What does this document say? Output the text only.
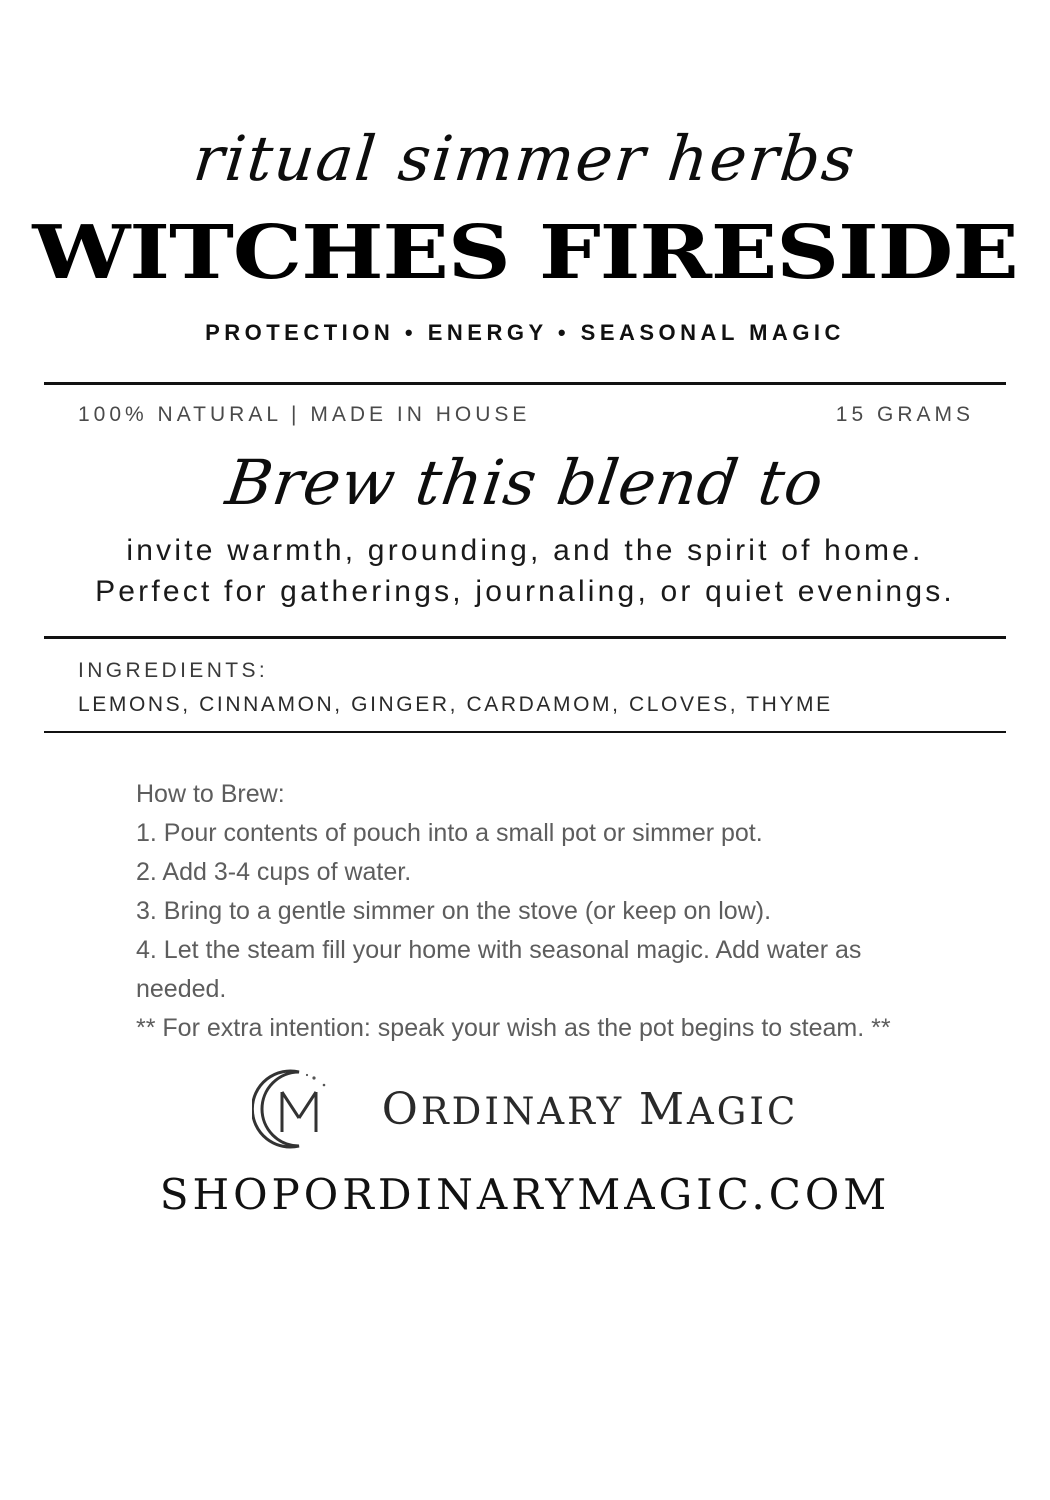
ritual simmer herbs
WITCHES FIRESIDE
PROTECTION • ENERGY • SEASONAL MAGIC
100% NATURAL | MADE IN HOUSE	15 GRAMS
Brew this blend to
invite warmth, grounding, and the spirit of home. Perfect for gatherings, journaling, or quiet evenings.
INGREDIENTS:
LEMONS, CINNAMON, GINGER, CARDAMOM, CLOVES, THYME
How to Brew:
1. Pour contents of pouch into a small pot or simmer pot.
2. Add 3-4 cups of water.
3. Bring to a gentle simmer on the stove (or keep on low).
4. Let the steam fill your home with seasonal magic. Add water as needed.
** For extra intention: speak your wish as the pot begins to steam. **
ORDINARY MAGIC
SHOPORDINARYMAGIC.COM
